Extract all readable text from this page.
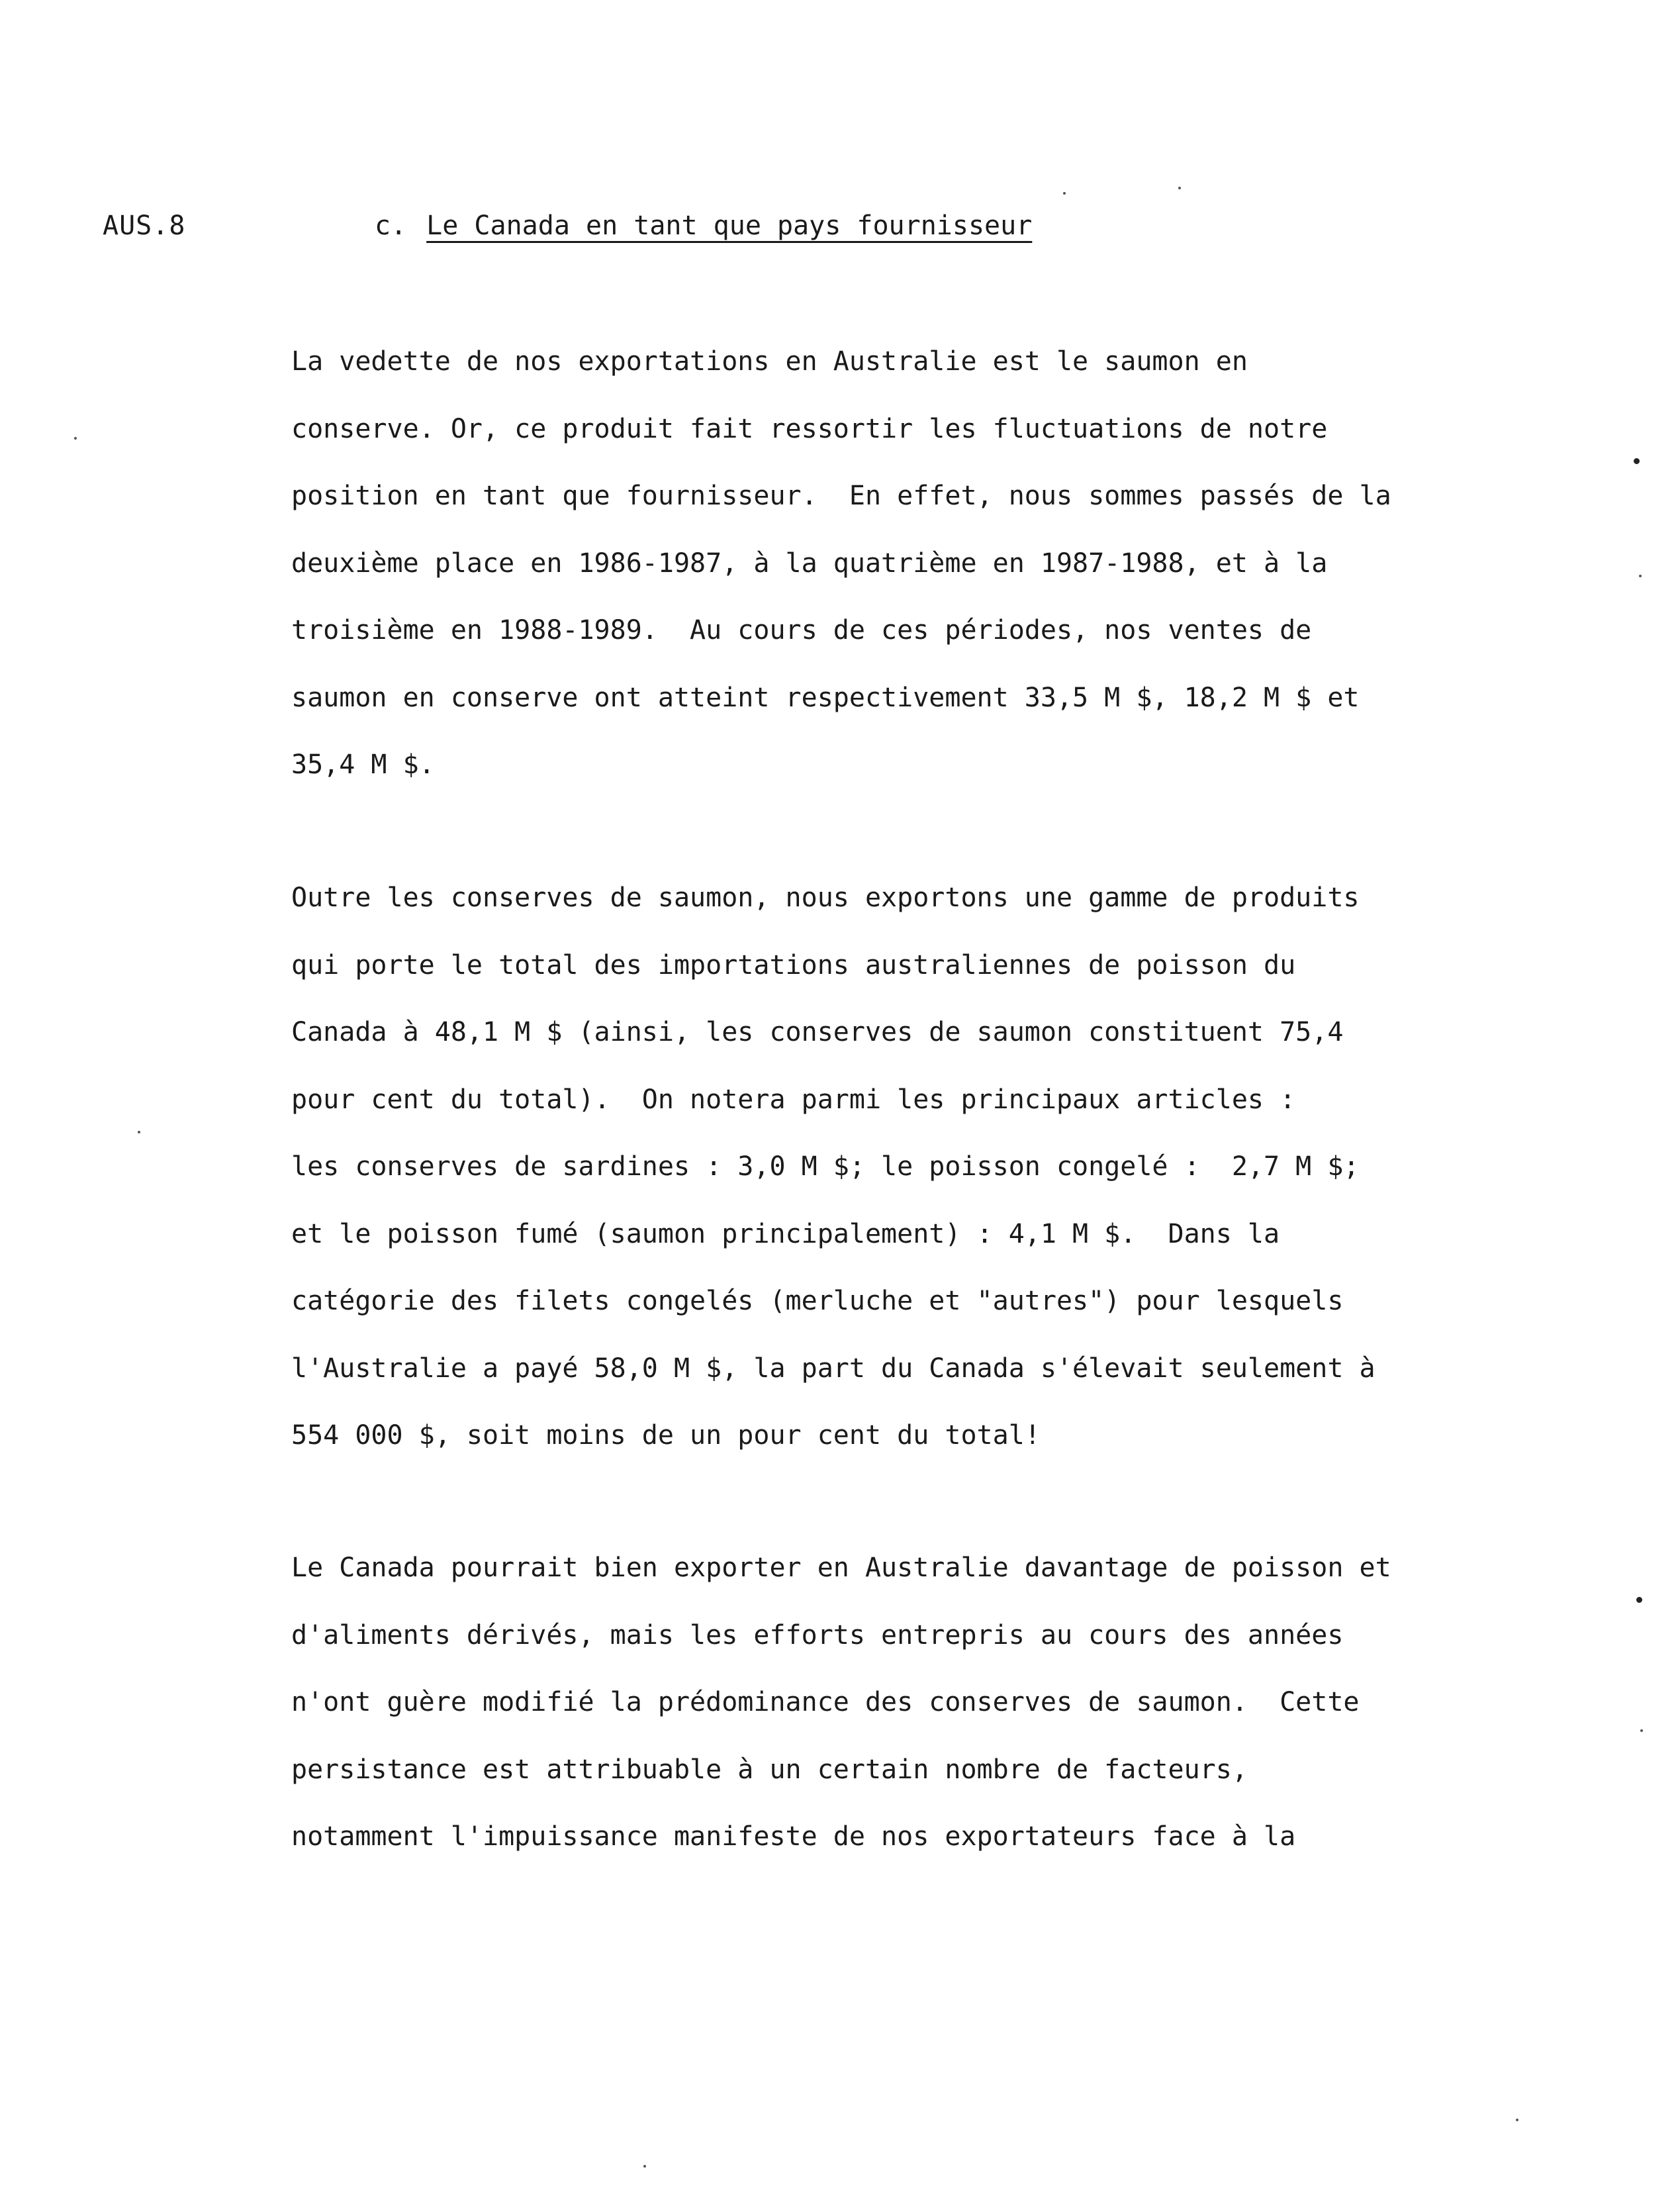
AUS.8	c. Le Canada en tant que pays fournisseur

La vedette de nos exportations en Australie est le saumon en
conserve. Or, ce produit fait ressortir les fluctuations de notre
position en tant que fournisseur.  En effet, nous sommes passés de la
deuxième place en 1986-1987, à la quatrième en 1987-1988, et à la
troisième en 1988-1989.  Au cours de ces périodes, nos ventes de
saumon en conserve ont atteint respectivement 33,5 M $, 18,2 M $ et
35,4 M $.

Outre les conserves de saumon, nous exportons une gamme de produits
qui porte le total des importations australiennes de poisson du
Canada à 48,1 M $ (ainsi, les conserves de saumon constituent 75,4
pour cent du total).  On notera parmi les principaux articles :
les conserves de sardines : 3,0 M $; le poisson congelé :  2,7 M $;
et le poisson fumé (saumon principalement) : 4,1 M $.  Dans la
catégorie des filets congelés (merluche et "autres") pour lesquels
l'Australie a payé 58,0 M $, la part du Canada s'élevait seulement à
554 000 $, soit moins de un pour cent du total!

Le Canada pourrait bien exporter en Australie davantage de poisson et
d'aliments dérivés, mais les efforts entrepris au cours des années
n'ont guère modifié la prédominance des conserves de saumon.  Cette
persistance est attribuable à un certain nombre de facteurs,
notamment l'impuissance manifeste de nos exportateurs face à la
